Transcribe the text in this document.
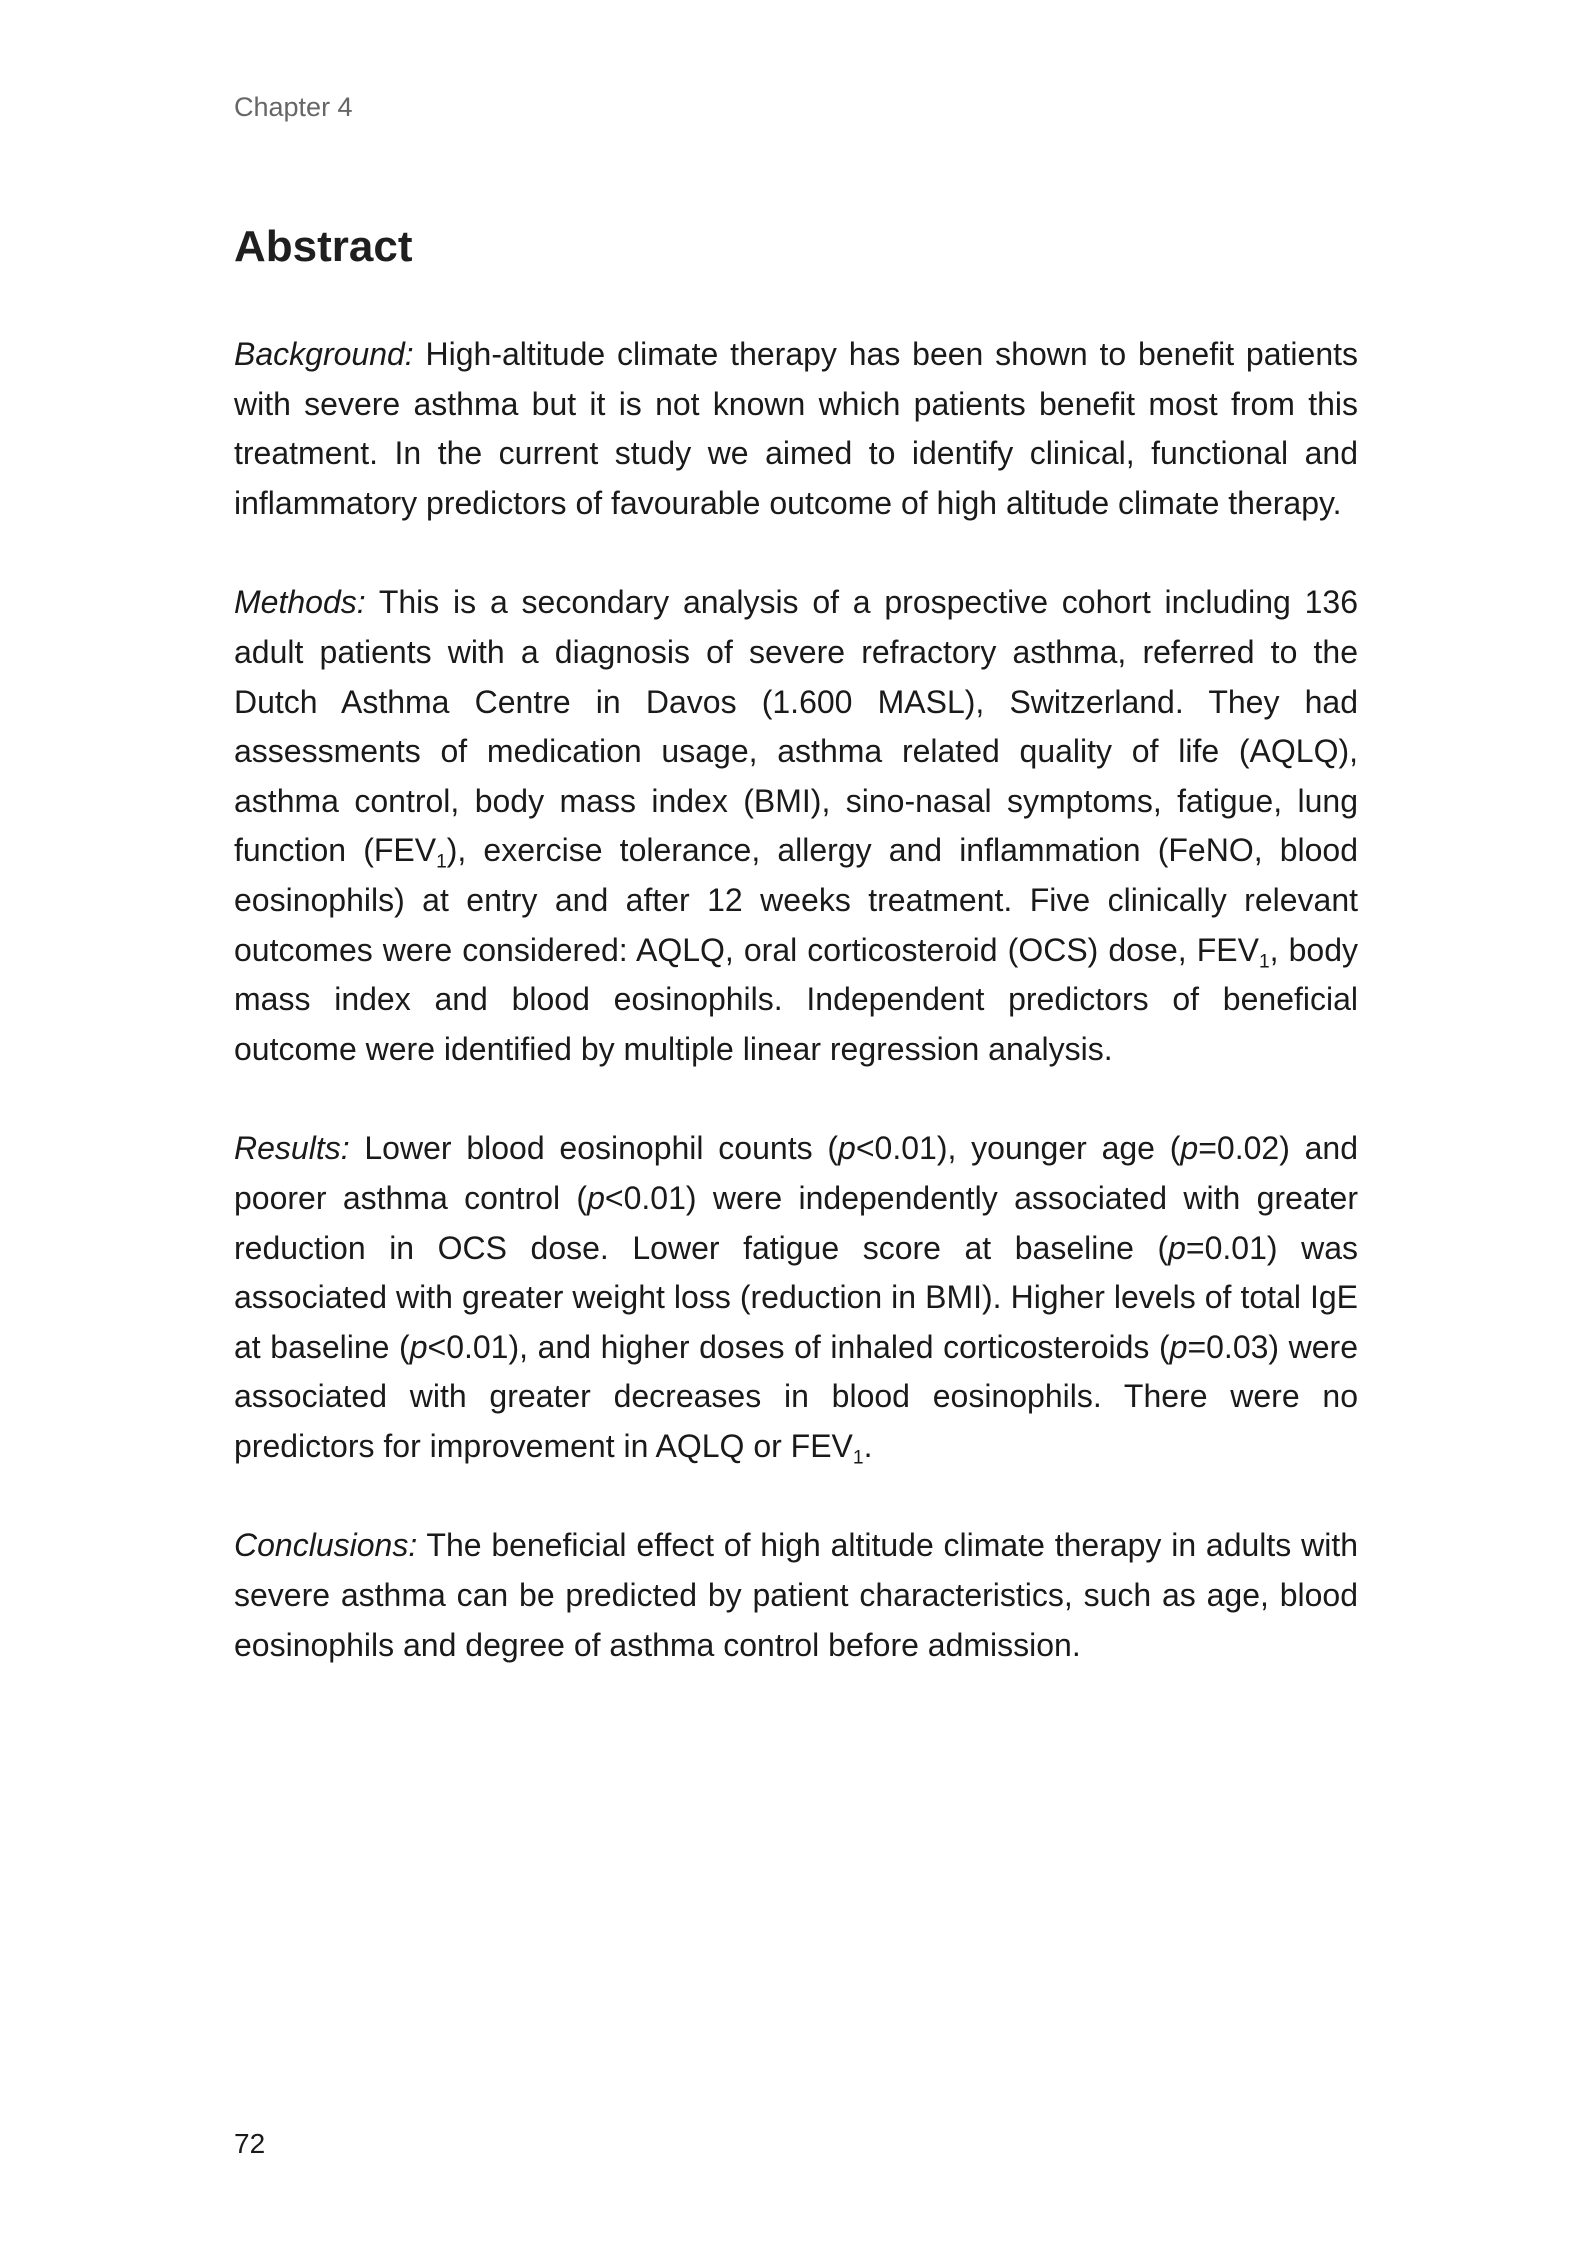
Chapter 4
Abstract

Background: High-altitude climate therapy has been shown to benefit patients with severe asthma but it is not known which patients benefit most from this treatment. In the current study we aimed to identify clinical, functional and inflammatory predictors of favourable outcome of high altitude climate therapy.

Methods: This is a secondary analysis of a prospective cohort including 136 adult patients with a diagnosis of severe refractory asthma, referred to the Dutch Asthma Centre in Davos (1.600 MASL), Switzerland. They had assessments of medication usage, asthma related quality of life (AQLQ), asthma control, body mass index (BMI), sino-nasal symptoms, fatigue, lung function $(FEV_1)$, exercise tolerance, allergy and inflammation (FeNO, blood eosinophils) at entry and after 12 weeks treatment. Five clinically relevant outcomes were considered: AQLQ, oral corticosteroid (OCS) dose, $FEV_1$, body mass index and blood eosinophils. Independent predictors of beneficial outcome were identified by multiple linear regression analysis.

Results: Lower blood eosinophil counts (p<0.01), younger age (p=0.02) and poorer asthma control (p<0.01) were independently associated with greater reduction in OCS dose. Lower fatigue score at baseline (p=0.01) was associated with greater weight loss (reduction in BMI). Higher levels of total IgE at baseline (p<0.01), and higher doses of inhaled corticosteroids (p=0.03) were associated with greater decreases in blood eosinophils. There were no predictors for improvement in AQLQ or $FEV_1$.

Conclusions: The beneficial effect of high altitude climate therapy in adults with severe asthma can be predicted by patient characteristics, such as age, blood eosinophils and degree of asthma control before admission.

72
